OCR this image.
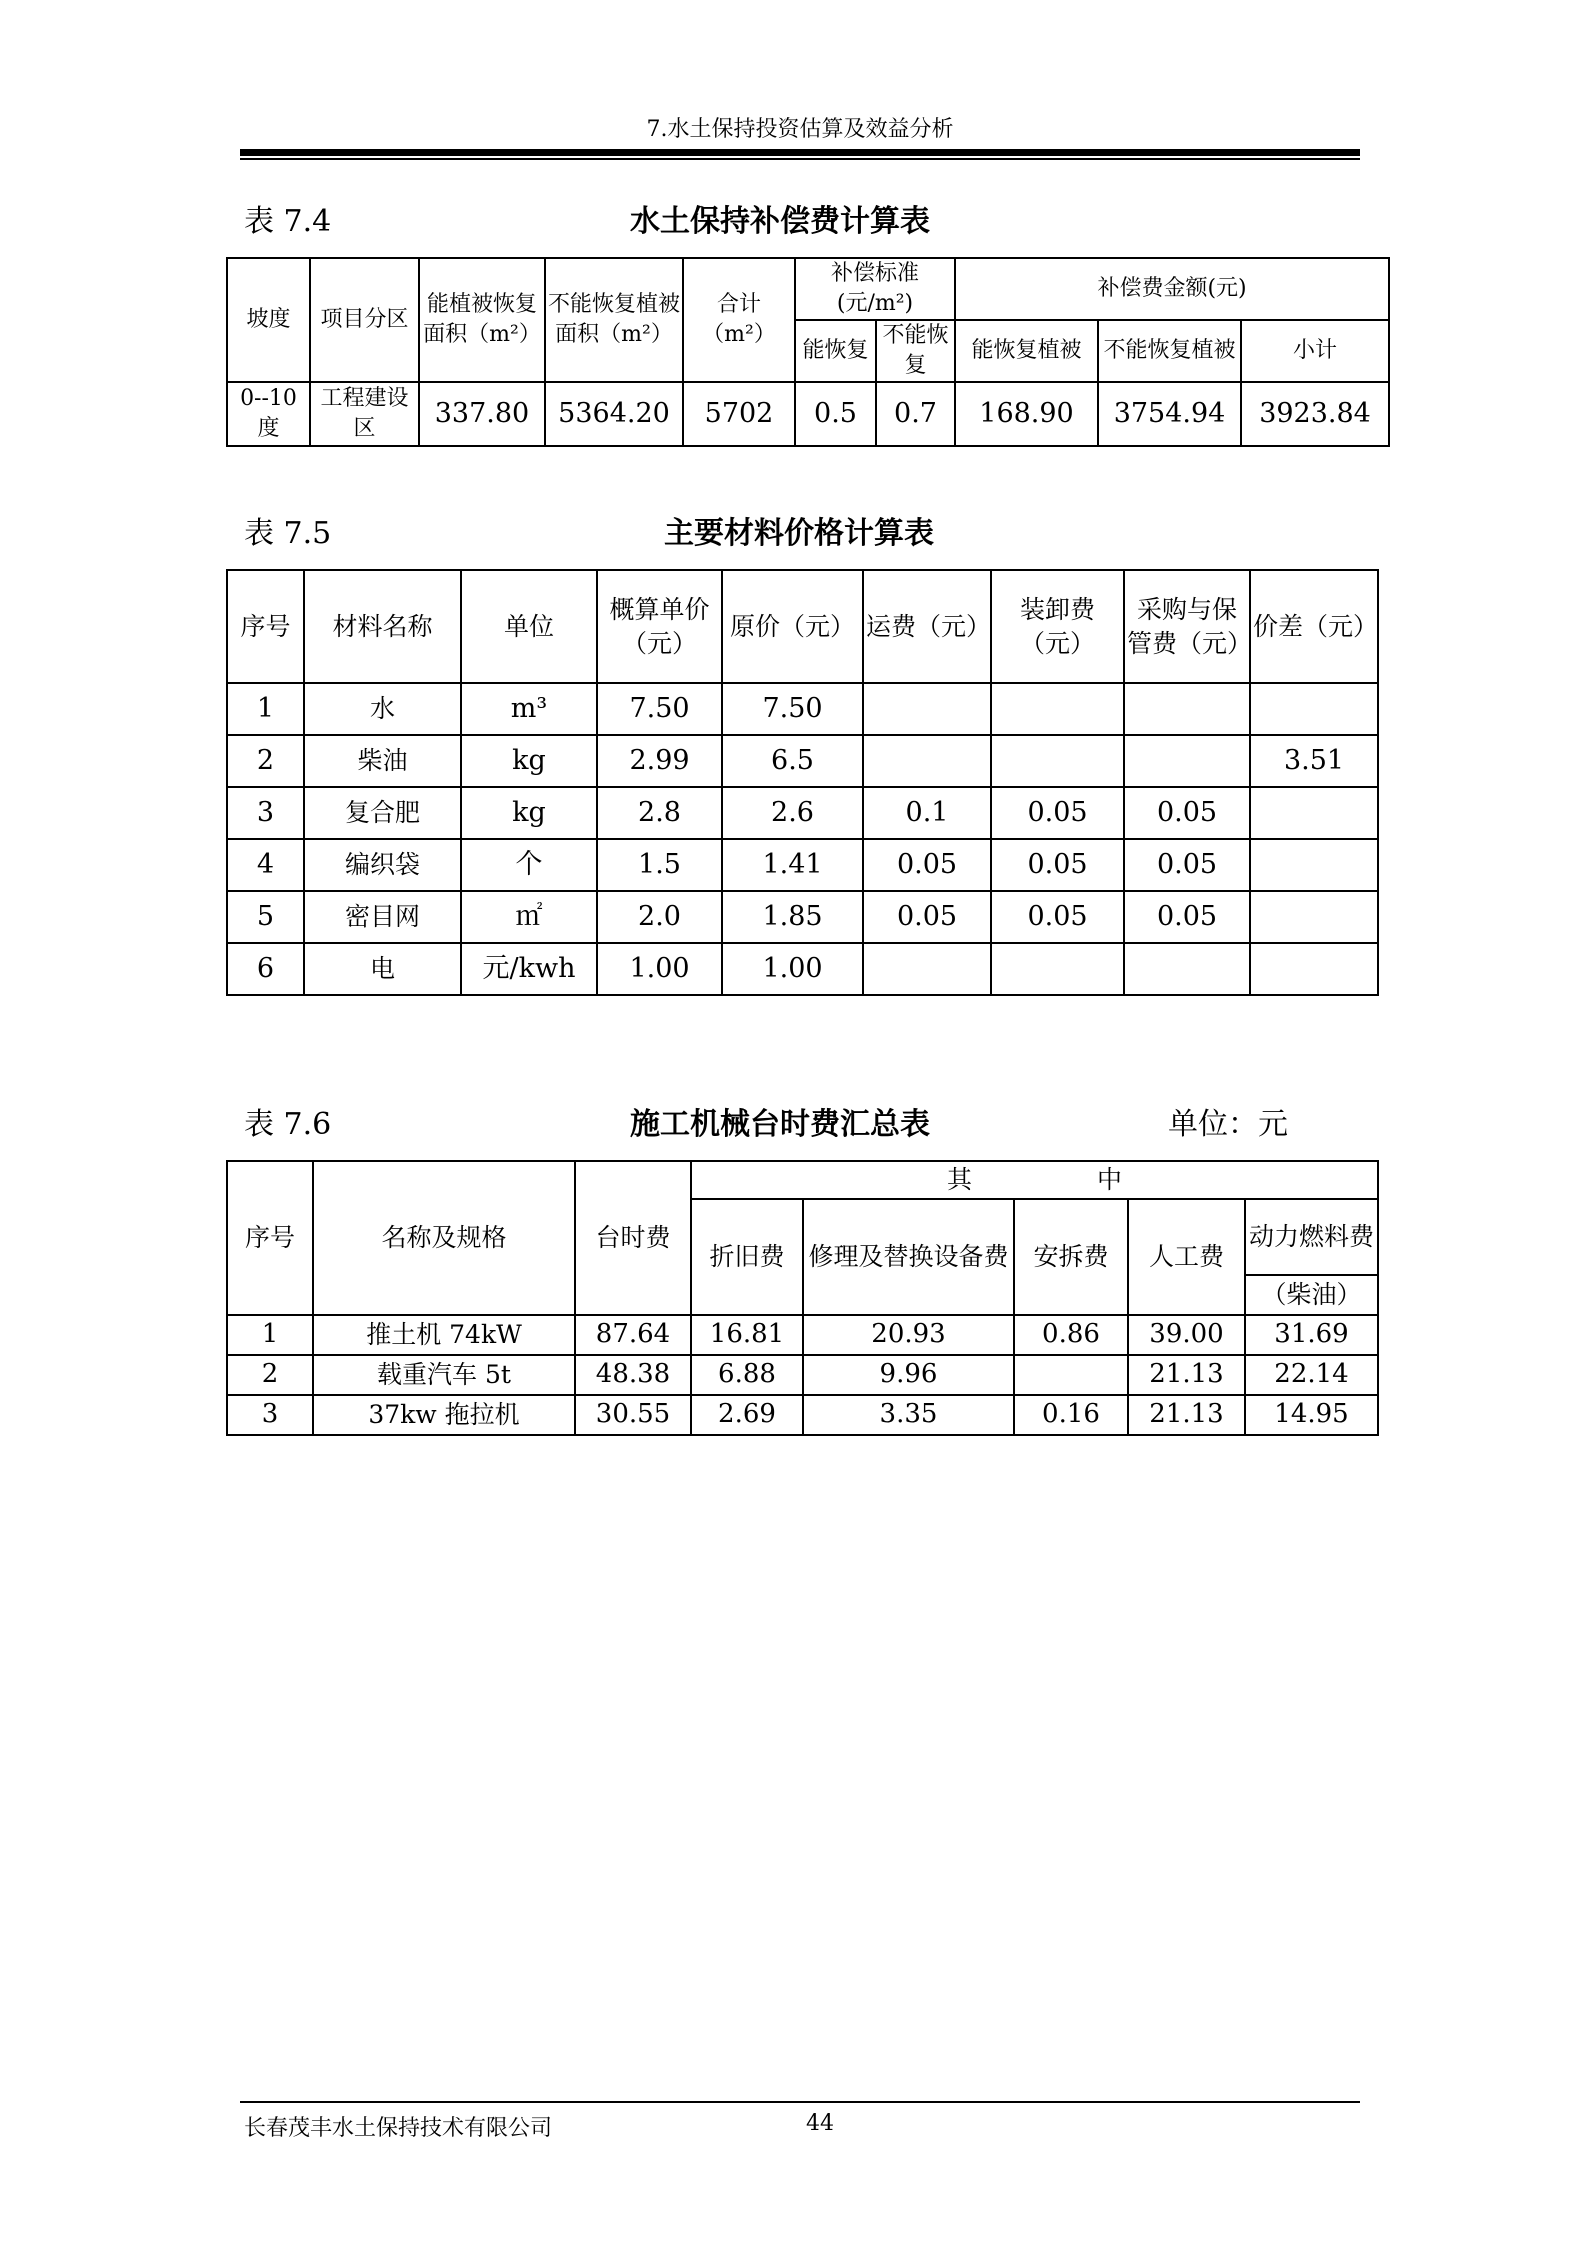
7.水土保持投资估算及效益分析
表 7.4	水土保持补偿费计算表
坡度	项目分区	能植被恢复面积（m²）	不能恢复植被面积（m²）	合计（m²）	补偿标准(元/m²)		补偿费金额(元)		
					能恢复	不能恢复	能恢复植被	不能恢复植被	小计
0--10度	工程建设区	337.80	5364.20	5702	0.5	0.7	168.90	3754.94	3923.84
表 7.5	主要材料价格计算表
序号	材料名称	单位	概算单价（元）	原价（元）	运费（元）	装卸费（元）	采购与保管费（元）	价差（元）
1	水	m³	7.50	7.50				
2	柴油	kg	2.99	6.5				3.51
3	复合肥	kg	2.8	2.6	0.1	0.05	0.05	
4	编织袋	个	1.5	1.41	0.05	0.05	0.05	
5	密目网	㎡	2.0	1.85	0.05	0.05	0.05	
6	电	元/kwh	1.00	1.00				
表 7.6	施工机械台时费汇总表	单位：元
序号	名称及规格	台时费	其　　　　　中				
			折旧费	修理及替换设备费	安拆费	人工费	动力燃料费
							（柴油）
1	推土机 74kW	87.64	16.81	20.93	0.86	39.00	31.69
2	载重汽车 5t	48.38	6.88	9.96		21.13	22.14
3	37kw 拖拉机	30.55	2.69	3.35	0.16	21.13	14.95
长春茂丰水土保持技术有限公司	44
